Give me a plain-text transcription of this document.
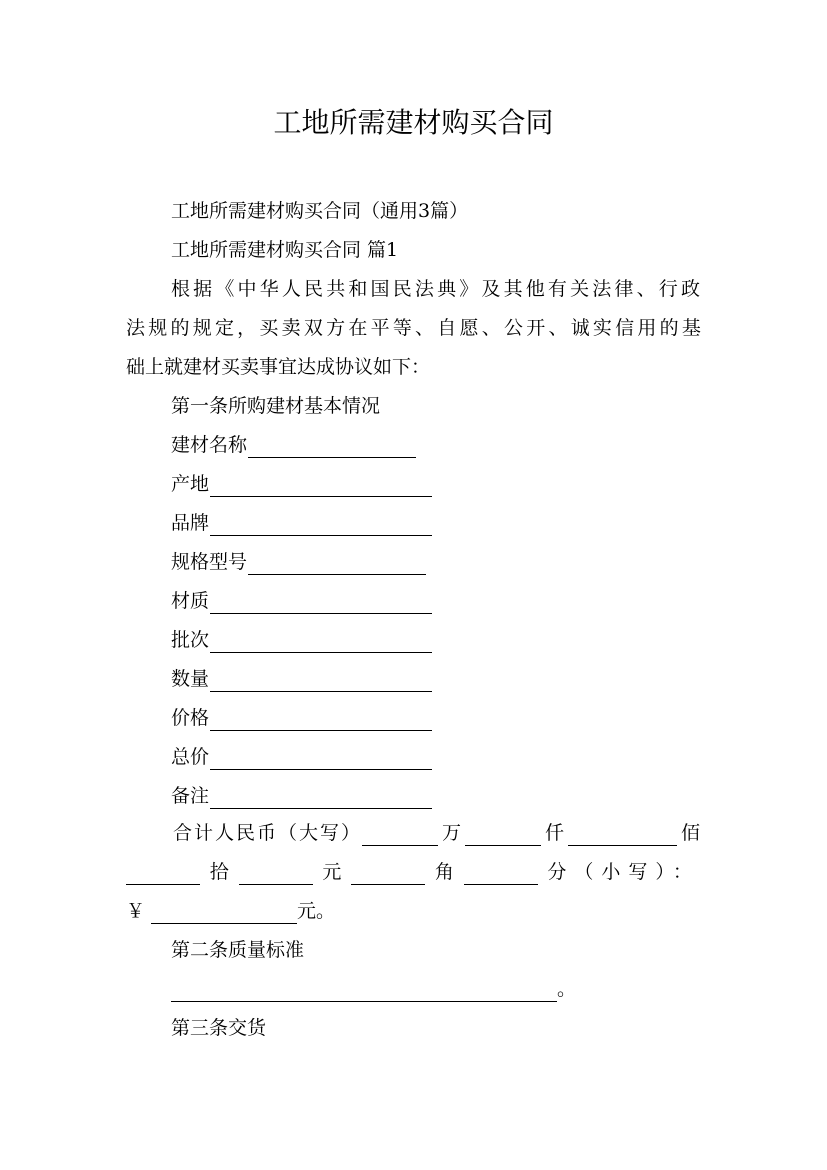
工地所需建材购买合同

工地所需建材购买合同（通用3篇）

工地所需建材购买合同 篇1

根 据 《 中 华 人 民 共 和 国 民 法 典 》 及 其 他 有 关 法 律 、 行 政

法 规 的 规 定 ， 买 卖 双 方 在 平 等 、 自 愿 、 公 开 、 诚 实 信 用 的 基

础上就建材买卖事宜达成协议如下：

第一条所购建材基本情况

建材名称
产地
品牌
规格型号
材质
批次
数量
价格
总价
备注
合计人民币（大写）	万	仟	佰
拾	元	角	分（小写）：
￥	元。

第二条质量标准

。

第三条交货
